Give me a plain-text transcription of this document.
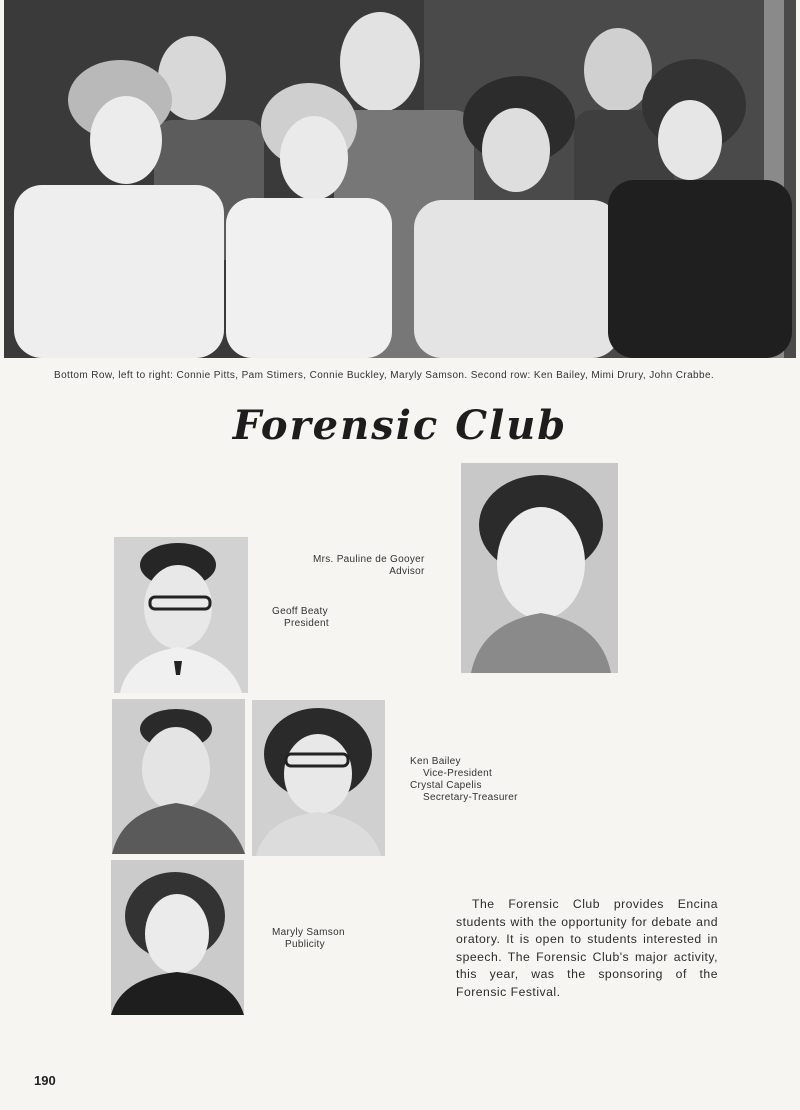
Bottom Row, left to right: Connie Pitts, Pam Stimers, Connie Buckley, Maryly Samson. Second row: Ken Bailey, Mimi Drury, John Crabbe.
Forensic Club
Mrs. Pauline de Gooyer
Advisor
Geoff Beaty
President
Ken Bailey
Vice-President
Crystal Capelis
Secretary-Treasurer
Maryly Samson
Publicity
The Forensic Club provides Encina students with the opportunity for debate and oratory. It is open to students interested in speech. The Forensic Club's major activity, this year, was the sponsoring of the Forensic Festival.
190
